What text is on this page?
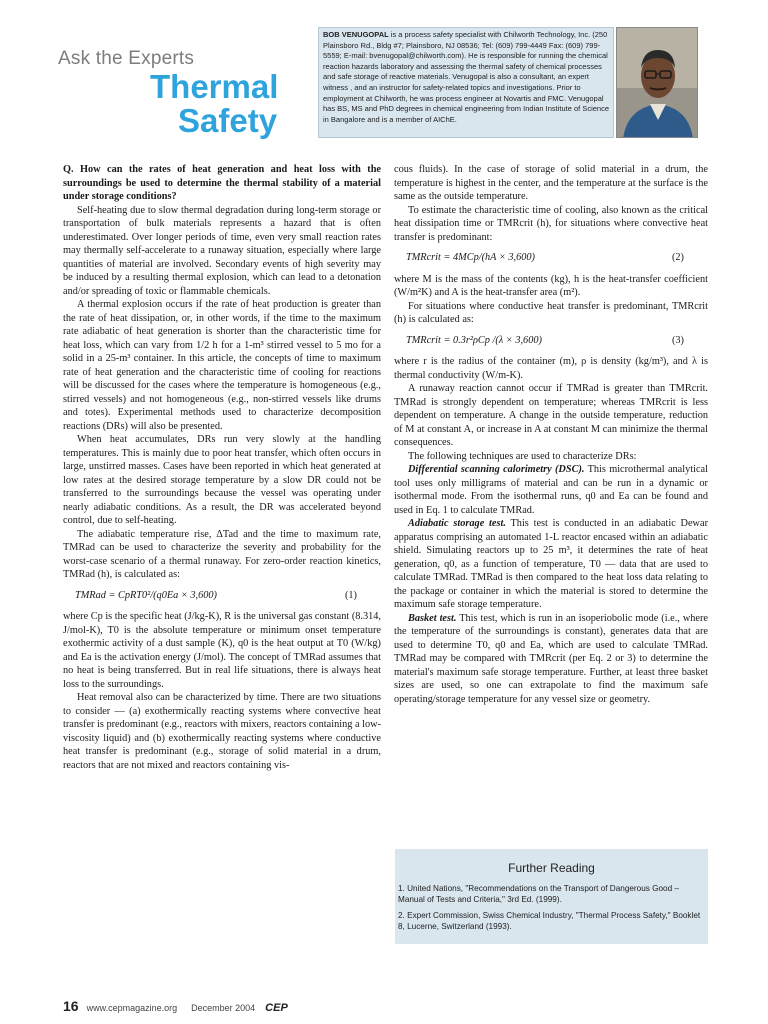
Ask the Experts
Thermal
Safety
BOB VENUGOPAL is a process safety specialist with Chilworth Technology, Inc. (250 Plainsboro Rd., Bldg #7; Plainsboro, NJ 08536; Tel: (609) 799-4449 Fax: (609) 799-5559; E-mail: bvenugopal@chilworth.com). He is responsible for running the chemical reaction hazards laboratory and assessing the thermal safety of chemical processes and safe storage of reactive materials. Venugopal is also a consultant, an expert witness , and an instructor for safety-related topics and investigations. Prior to employment at Chilworth, he was process engineer at Novartis and FMC. Venugopal has BS, MS and PhD degrees in chemical engineering from Indian Institute of Science in Bangalore and is a member of AIChE.

Q. How can the rates of heat generation and heat loss with the surroundings be used to determine the thermal stability of a material under storage conditions?

Self-heating due to slow thermal degradation during long-term storage or transportation of bulk materials represents a hazard that is often underestimated. Over longer periods of time, even very small reaction rates may thermally self-accelerate to a runaway situation, especially where large quantities of material are involved. Secondary events of high severity may be induced by a resulting thermal explosion, which can lead to a detonation and/or spreading of toxic or flammable chemicals.

A thermal explosion occurs if the rate of heat production is greater than the rate of heat dissipation, or, in other words, if the time to the maximum rate adiabatic of heat generation is shorter than the characteristic time for heat loss, which can vary from 1/2 h for a 1-m³ stirred vessel to 5 mo for a solid in a 25-m³ container. In this article, the concepts of time to maximum rate of heat generation and the characteristic time of cooling for reactions will be discussed for the cases where the temperature is homogeneous (e.g., stirred vessels) and not homogeneous (e.g., non-stirred vessels like drums and totes). Experimental methods used to characterize decomposition reactions (DRs) will also be presented.

When heat accumulates, DRs run very slowly at the handling temperatures. This is mainly due to poor heat transfer, which often occurs in large, unstirred masses. Cases have been reported in which heat generated at low rates at the desired storage temperature by a slow DR could not be transferred to the surroundings because the vessel was operating under nearly adiabatic conditions. As a result, the DR was accelerated beyond control, due to self-heating.

The adiabatic temperature rise, ΔTad and the time to maximum rate, TMRad can be used to characterize the severity and probability for the worst-case scenario of a thermal runaway. For zero-order reaction kinetics, TMRad (h), is calculated as:

TMRad = CpRT0²/(q0Ea × 3,600)	(1)

where Cp is the specific heat (J/kg-K), R is the universal gas constant (8.314, J/mol-K), T0 is the absolute temperature or minimum onset temperature exothermic activity of a dust sample (K), q0 is the heat output at T0 (W/kg) and Ea is the activation energy (J/mol). The concept of TMRad assumes that no heat is being transferred. But in real life situations, there is always heat loss to the surroundings.

Heat removal also can be characterized by time. There are two situations to consider — (a) exothermically reacting systems where convective heat transfer is predominant (e.g., reactors with mixers, reactors containing a low-viscosity liquid) and (b) exothermically reacting systems where conductive heat transfer is predominant (e.g., storage of solid material in a drum, reactors that are not mixed and reactors containing vis-

cous fluids). In the case of storage of solid material in a drum, the temperature is highest in the center, and the temperature at the surface is the same as the outside temperature.

To estimate the characteristic time of cooling, also known as the critical heat dissipation time or TMRcrit (h), for situations where convective heat transfer is predominant:

TMRcrit = 4MCp/(hA × 3,600)	(2)

where M is the mass of the contents (kg), h is the heat-transfer coefficient (W/m²K) and A is the heat-transfer area (m²).

For situations where conductive heat transfer is predominant, TMRcrit (h) is calculated as:

TMRcrit = 0.3r²ρCp /(λ × 3,600)	(3)

where r is the radius of the container (m), ρ is density (kg/m³), and λ is thermal conductivity (W/m-K).

A runaway reaction cannot occur if TMRad is greater than TMRcrit. TMRad is strongly dependent on temperature; whereas TMRcrit is less dependent on temperature. A change in the outside temperature, reduction of M at constant A, or increase in A at constant M can minimize the thermal consequences.

The following techniques are used to characterize DRs:

Differential scanning calorimetry (DSC). This microthermal analytical tool uses only milligrams of material and can be run in a dynamic or isothermal mode. From the isothermal runs, q0 and Ea can be found and used in Eq. 1 to calculate TMRad.

Adiabatic storage test. This test is conducted in an adiabatic Dewar apparatus comprising an automated 1-L reactor encased within an adiabatic shield. Simulating reactors up to 25 m³, it determines the rate of heat generation, q0, as a function of temperature, T0 — data that are used to calculate TMRad. TMRad is then compared to the heat loss data relating to the package or container in which the material is stored to determine the maximum safe storage temperature.

Basket test. This test, which is run in an isoperiobolic mode (i.e., where the temperature of the surroundings is constant), generates data that are used to determine T0, q0 and Ea, which are used to calculate TMRad. TMRad may be compared with TMRcrit (per Eq. 2 or 3) to determine the material's maximum safe storage temperature. Further, at least three basket sizes are used, so one can extrapolate to find the maximum safe operating/storage temperature for any vessel size or geometry.

Further Reading
1. United Nations, "Recommendations on the Transport of Dangerous Good – Manual of Tests and Criteria," 3rd Ed. (1999).
2. Expert Commission, Swiss Chemical Industry, "Thermal Process Safety," Booklet 8, Lucerne, Switzerland (1993).
16 www.cepmagazine.org December 2004 CEP
